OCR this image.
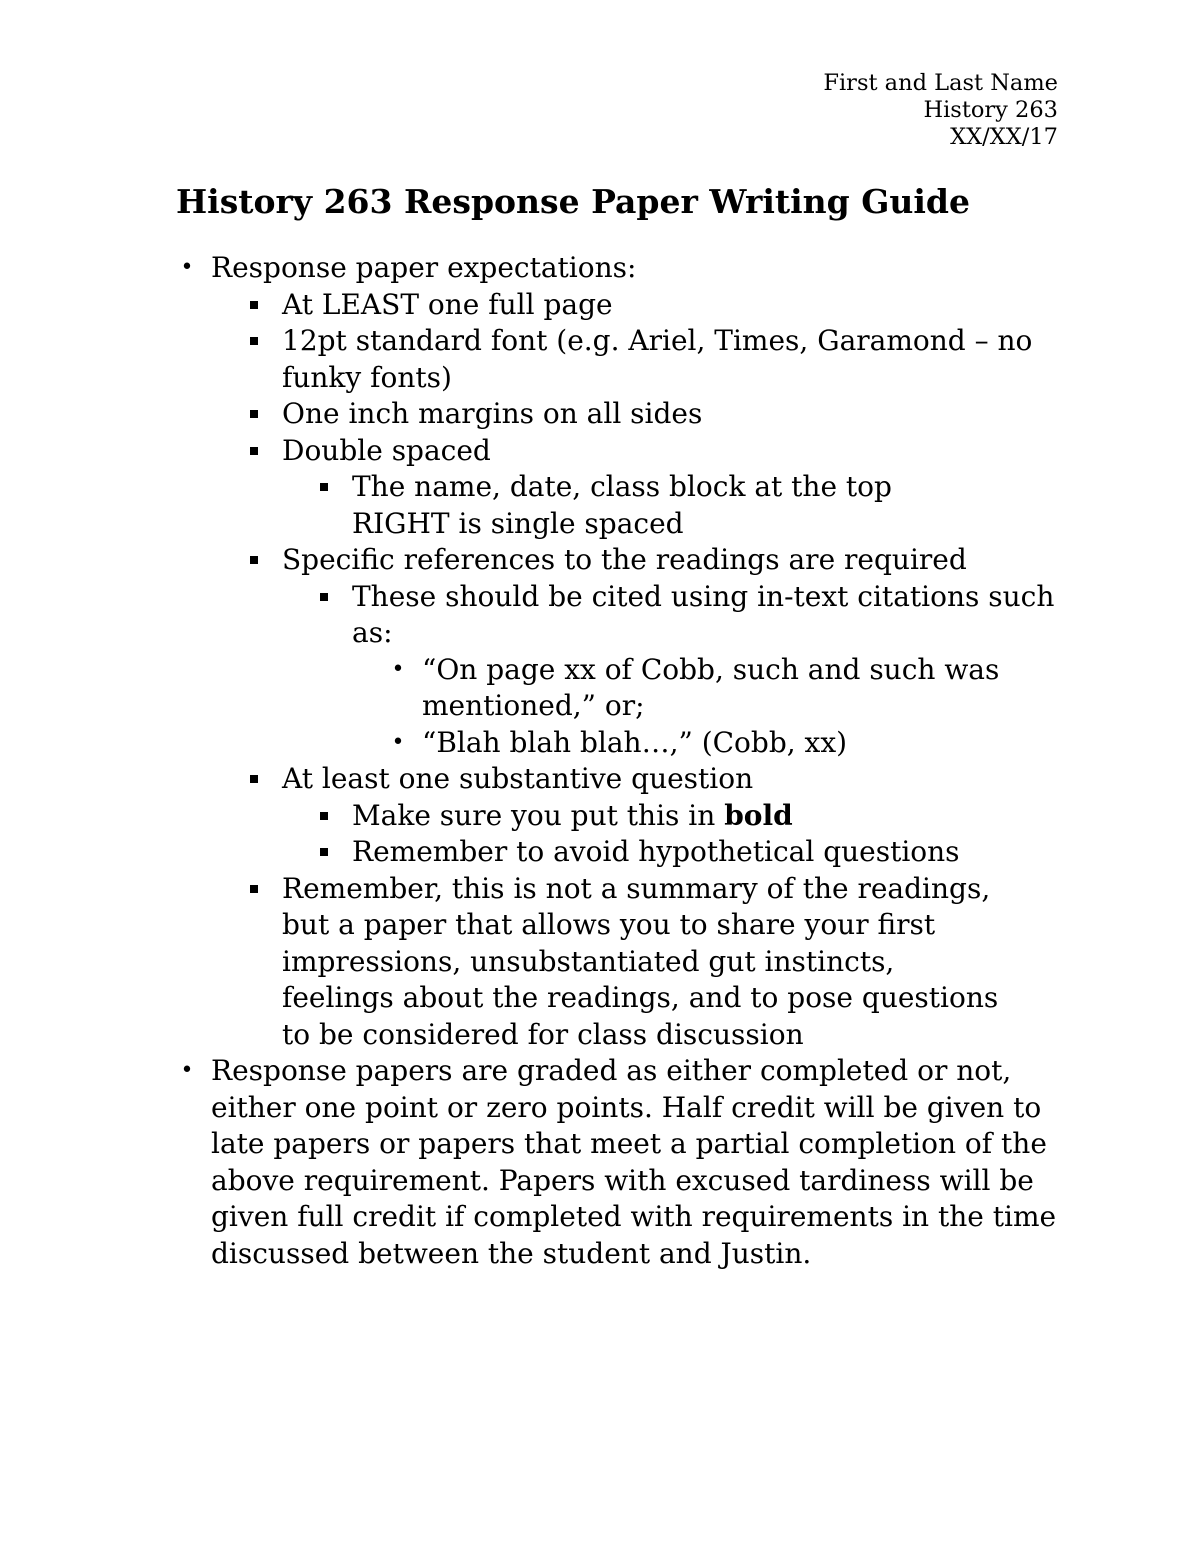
First and Last Name
History 263
XX/XX/17
History 263 Response Paper Writing Guide
• Response paper expectations:
At LEAST one full page
12pt standard font (e.g. Ariel, Times, Garamond – no funky fonts)
One inch margins on all sides
Double spaced
The name, date, class block at the top RIGHT is single spaced
Specific references to the readings are required
These should be cited using in-text citations such as:
• “On page xx of Cobb, such and such was mentioned,” or;
• “Blah blah blah…,” (Cobb, xx)
At least one substantive question
Make sure you put this in bold
Remember to avoid hypothetical questions
Remember, this is not a summary of the readings, but a paper that allows you to share your first impressions, unsubstantiated gut instincts, feelings about the readings, and to pose questions to be considered for class discussion
• Response papers are graded as either completed or not, either one point or zero points. Half credit will be given to late papers or papers that meet a partial completion of the above requirement. Papers with excused tardiness will be given full credit if completed with requirements in the time discussed between the student and Justin.
